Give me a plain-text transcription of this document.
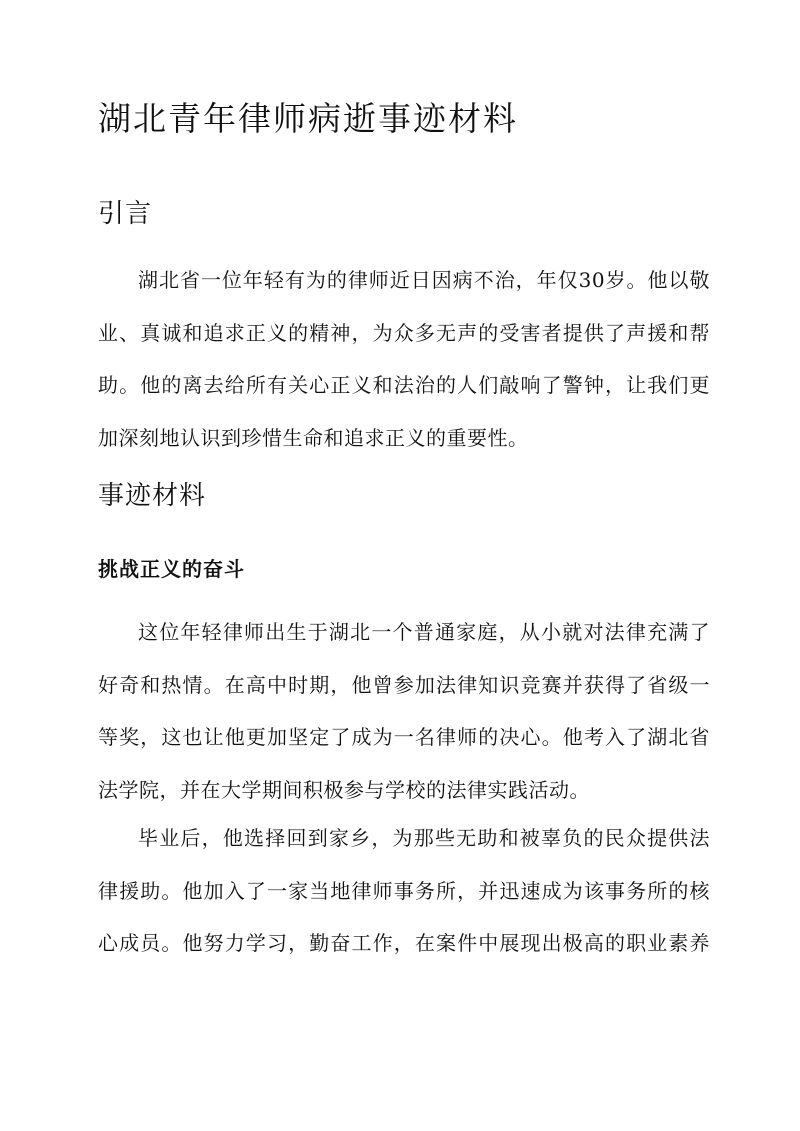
湖北青年律师病逝事迹材料
引言
湖北省一位年轻有为的律师近日因病不治，年仅30岁。他以敬
业、真诚和追求正义的精神，为众多无声的受害者提供了声援和帮
助。他的离去给所有关心正义和法治的人们敲响了警钟，让我们更
加深刻地认识到珍惜生命和追求正义的重要性。
事迹材料
挑战正义的奋斗
这位年轻律师出生于湖北一个普通家庭，从小就对法律充满了
好奇和热情。在高中时期，他曾参加法律知识竞赛并获得了省级一
等奖，这也让他更加坚定了成为一名律师的决心。他考入了湖北省
法学院，并在大学期间积极参与学校的法律实践活动。
毕业后，他选择回到家乡，为那些无助和被辜负的民众提供法
律援助。他加入了一家当地律师事务所，并迅速成为该事务所的核
心成员。他努力学习，勤奋工作，在案件中展现出极高的职业素养
